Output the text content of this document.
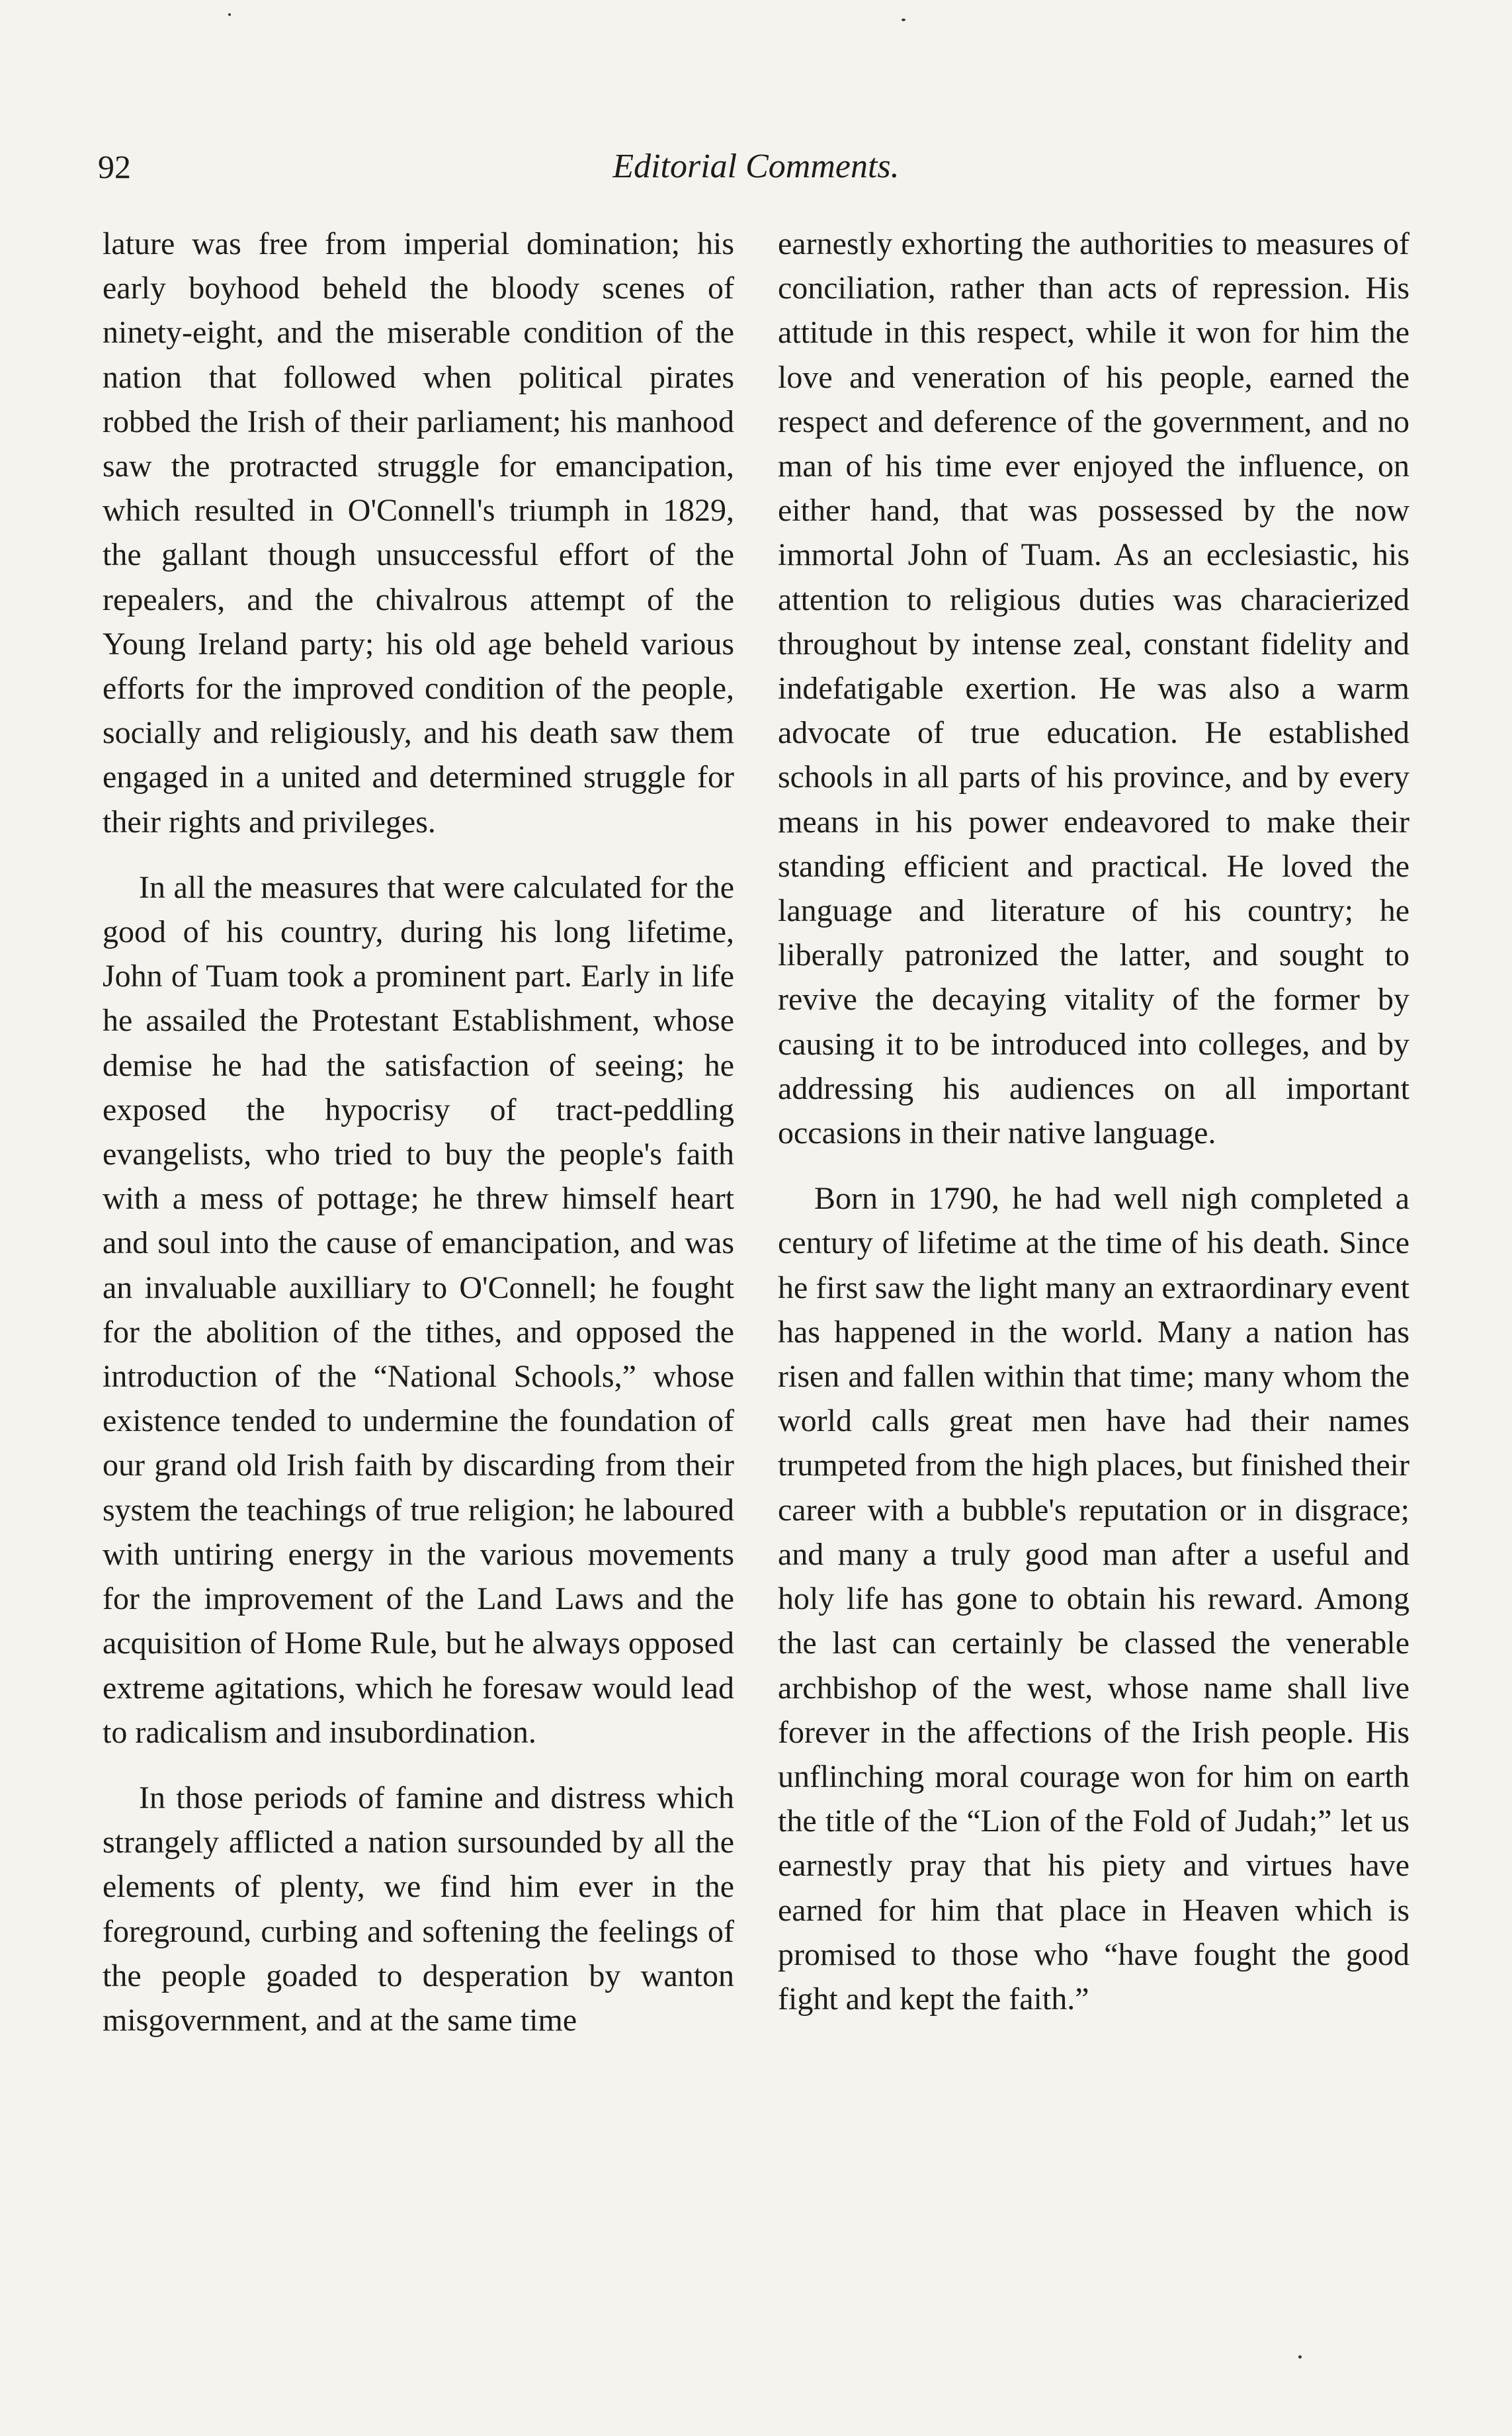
92	Editorial Comments.

lature was free from imperial domination; his early boyhood beheld the bloody scenes of ninety-eight, and the miserable condition of the nation that followed when political pirates robbed the Irish of their parliament; his manhood saw the protracted struggle for emancipation, which resulted in O'Connell's triumph in 1829, the gallant though unsuccessful effort of the repealers, and the chivalrous attempt of the Young Ireland party; his old age beheld various efforts for the improved condition of the people, socially and religiously, and his death saw them engaged in a united and determined struggle for their rights and privileges.

In all the measures that were calculated for the good of his country, during his long lifetime, John of Tuam took a prominent part. Early in life he assailed the Protestant Establishment, whose demise he had the satisfaction of seeing; he exposed the hypocrisy of tract-peddling evangelists, who tried to buy the people's faith with a mess of pottage; he threw himself heart and soul into the cause of emancipation, and was an invaluable auxilliary to O'Connell; he fought for the abolition of the tithes, and opposed the introduction of the “National Schools,” whose existence tended to undermine the foundation of our grand old Irish faith by discarding from their system the teachings of true religion; he laboured with untiring energy in the various movements for the improvement of the Land Laws and the acquisition of Home Rule, but he always opposed extreme agitations, which he foresaw would lead to radicalism and insubordination.

In those periods of famine and distress which strangely afflicted a nation sursounded by all the elements of plenty, we find him ever in the foreground, curbing and softening the feelings of the people goaded to desperation by wanton misgovernment, and at the same time

earnestly exhorting the authorities to measures of conciliation, rather than acts of repression. His attitude in this respect, while it won for him the love and veneration of his people, earned the respect and deference of the government, and no man of his time ever enjoyed the influence, on either hand, that was possessed by the now immortal John of Tuam. As an ecclesiastic, his attention to religious duties was characierized throughout by intense zeal, constant fidelity and indefatigable exertion. He was also a warm advocate of true education. He established schools in all parts of his province, and by every means in his power endeavored to make their standing efficient and practical. He loved the language and literature of his country; he liberally patronized the latter, and sought to revive the decaying vitality of the former by causing it to be introduced into colleges, and by addressing his audiences on all important occasions in their native language.

Born in 1790, he had well nigh completed a century of lifetime at the time of his death. Since he first saw the light many an extraordinary event has happened in the world. Many a nation has risen and fallen within that time; many whom the world calls great men have had their names trumpeted from the high places, but finished their career with a bubble's reputation or in disgrace; and many a truly good man after a useful and holy life has gone to obtain his reward. Among the last can certainly be classed the venerable archbishop of the west, whose name shall live forever in the affections of the Irish people. His unflinching moral courage won for him on earth the title of the “Lion of the Fold of Judah;” let us earnestly pray that his piety and virtues have earned for him that place in Heaven which is promised to those who “have fought the good fight and kept the faith.”
